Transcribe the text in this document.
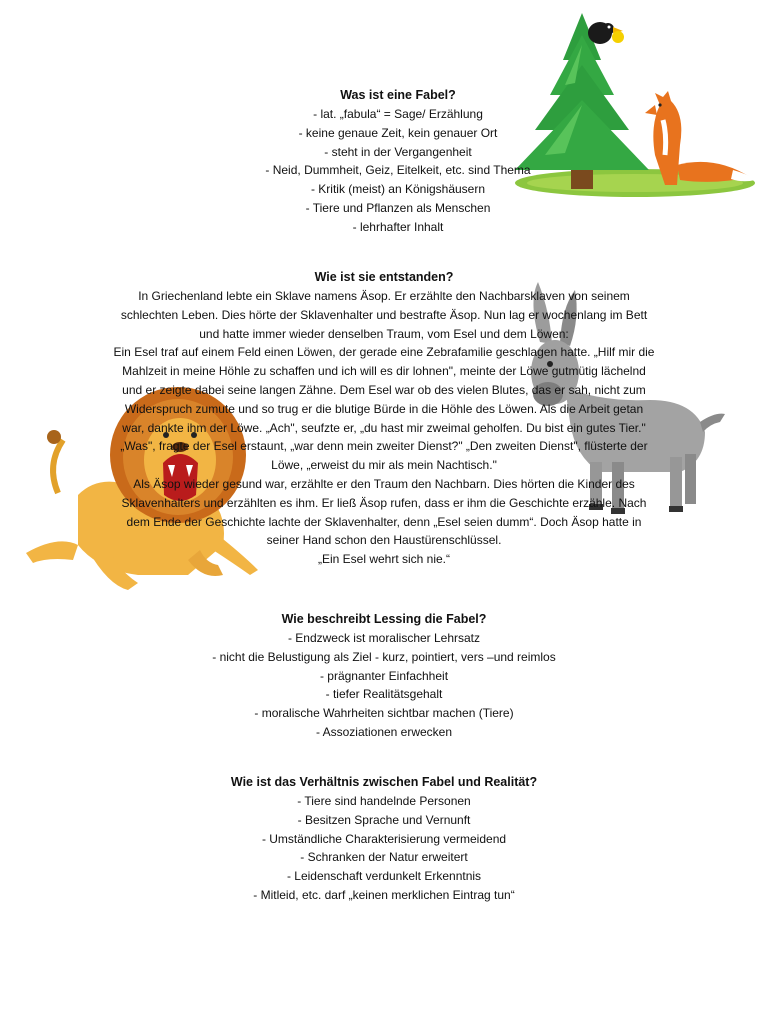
Was ist eine Fabel?
- lat. „fabula“ = Sage/ Erzählung
- keine genaue Zeit, kein genauer Ort
- steht in der Vergangenheit
- Neid, Dummheit, Geiz, Eitelkeit, etc. sind Thema
- Kritik (meist) an Königshäusern
- Tiere und Pflanzen als Menschen
- lehrhafter Inhalt
Wie ist sie entstanden?
In Griechenland lebte ein Sklave namens Äsop. Er erzählte den Nachbarsklaven von seinem
schlechten Leben. Dies hörte der Sklavenhalter und bestrafte Äsop. Nun lag er wochenlang im Bett
und hatte immer wieder denselben Traum, vom Esel und dem Löwen:
Ein Esel traf auf einem Feld einen Löwen, der gerade eine Zebrafamilie geschlagen hatte. „Hilf mir die
Mahlzeit in meine Höhle zu schaffen und ich will es dir lohnen", meinte der Löwe gutmütig lächelnd
und er zeigte dabei seine langen Zähne. Dem Esel war ob des vielen Blutes, das er sah, nicht zum
Widerspruch zumute und so trug er die blutige Bürde in die Höhle des Löwen. Als die Arbeit getan
war, dankte ihm der Löwe. „Ach", seufzte er, „du hast mir zweimal geholfen. Du bist ein gutes Tier."
„Was", fragte der Esel erstaunt, „war denn mein zweiter Dienst?" „Den zweiten Dienst", flüsterte der
Löwe, „erweist du mir als mein Nachtisch."
Als Äsop wieder gesund war, erzählte er den Traum den Nachbarn. Dies hörten die Kinder des
Sklavenhalters und erzählten es ihm. Er ließ Äsop rufen, dass er ihm die Geschichte erzähle. Nach
dem Ende der Geschichte lachte der Sklavenhalter, denn „Esel seien dumm“. Doch Äsop hatte in
seiner Hand schon den Haustürenschlüssel.
„Ein Esel wehrt sich nie.“
Wie beschreibt Lessing die Fabel?
- Endzweck ist moralischer Lehrsatz
- nicht die Belustigung als Ziel - kurz, pointiert, vers –und reimlos
- prägnanter Einfachheit
- tiefer Realitätsgehalt
- moralische Wahrheiten sichtbar machen (Tiere)
- Assoziationen erwecken
Wie ist das Verhältnis zwischen Fabel und Realität?
- Tiere sind handelnde Personen
- Besitzen Sprache und Vernunft
- Umständliche Charakterisierung vermeidend
- Schranken der Natur erweitert
- Leidenschaft verdunkelt Erkenntnis
- Mitleid, etc. darf „keinen merklichen Eintrag tun“
